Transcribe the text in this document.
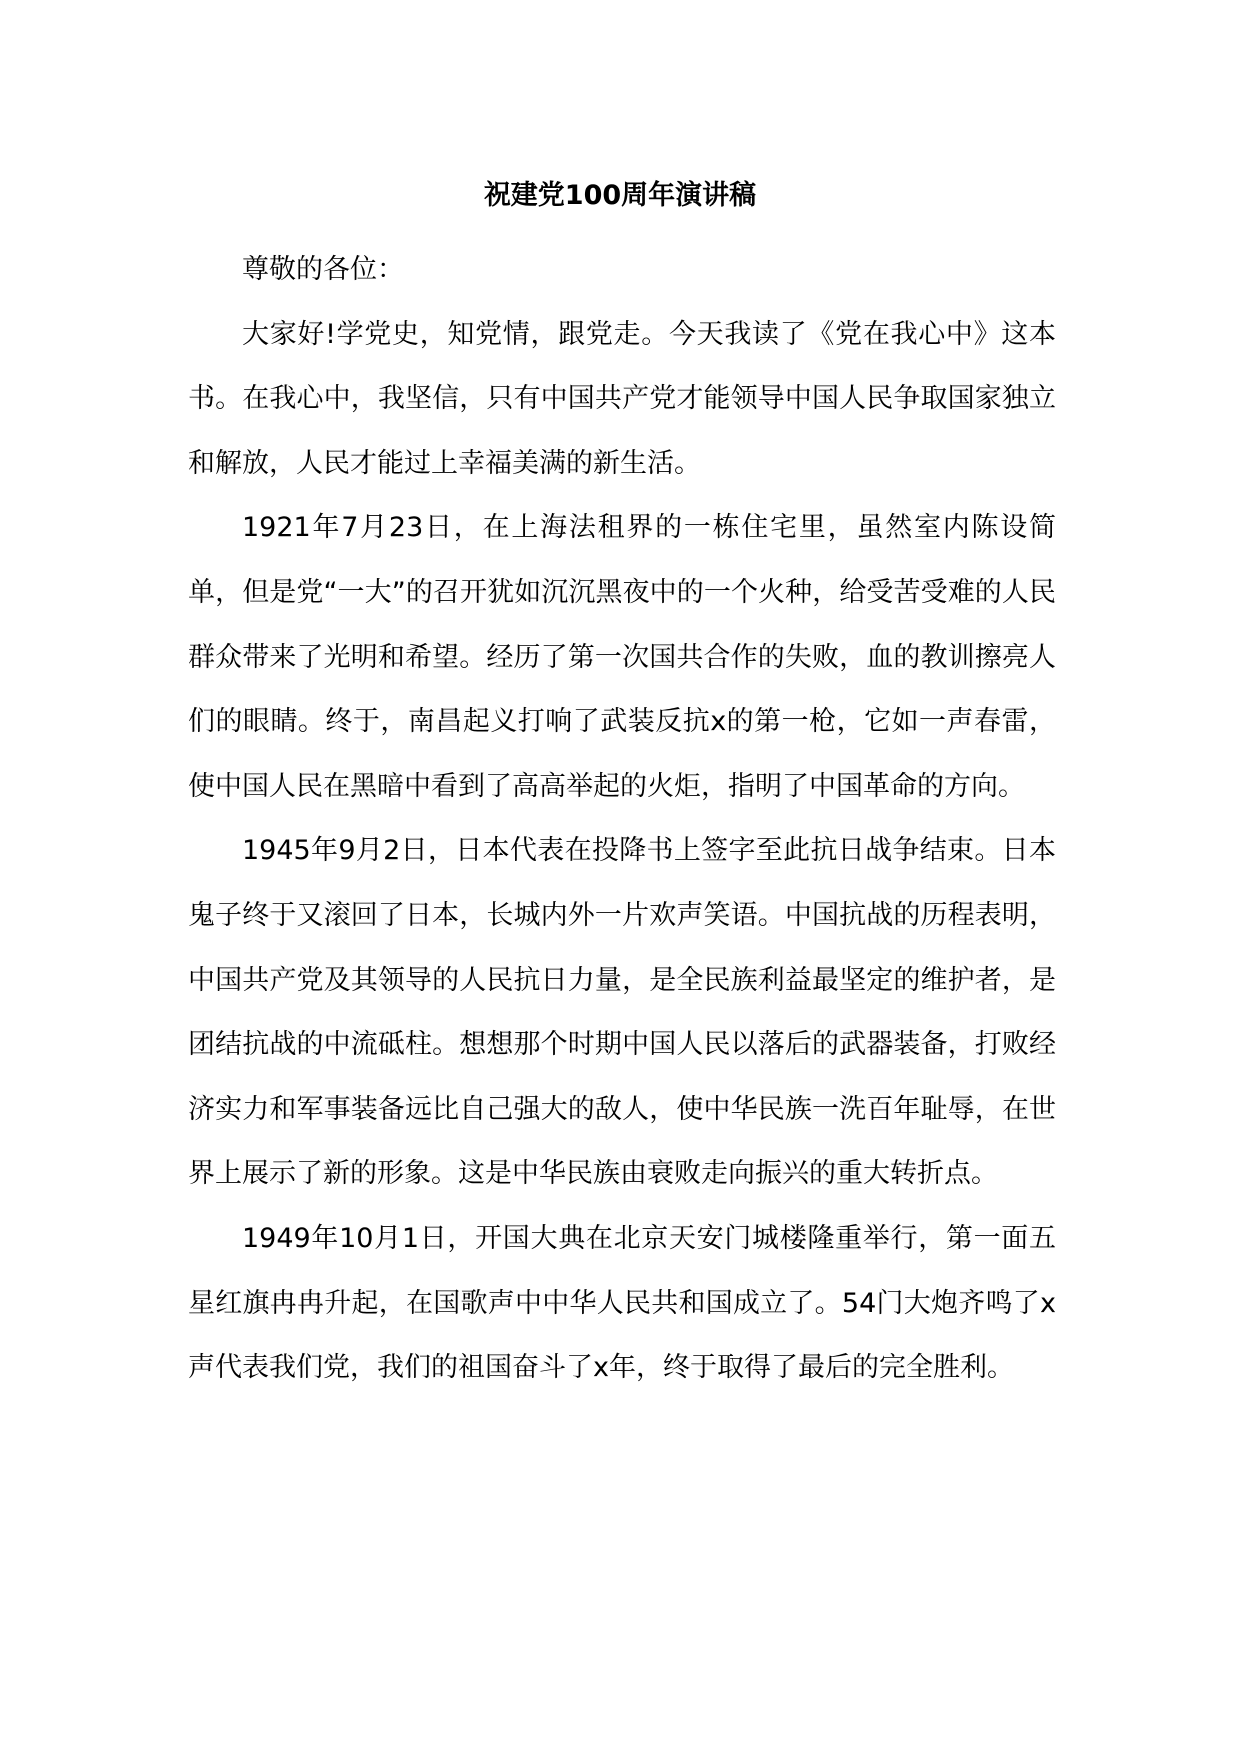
祝建党100周年演讲稿

尊敬的各位：

大家好!学党史，知党情，跟党走。今天我读了《党在我心中》这本书。在我心中，我坚信，只有中国共产党才能领导中国人民争取国家独立和解放，人民才能过上幸福美满的新生活。

1921年7月23日，在上海法租界的一栋住宅里，虽然室内陈设简单，但是党“一大”的召开犹如沉沉黑夜中的一个火种，给受苦受难的人民群众带来了光明和希望。经历了第一次国共合作的失败，血的教训擦亮人们的眼睛。终于，南昌起义打响了武装反抗x的第一枪，它如一声春雷，使中国人民在黑暗中看到了高高举起的火炬，指明了中国革命的方向。

1945年9月2日，日本代表在投降书上签字至此抗日战争结束。日本鬼子终于又滚回了日本，长城内外一片欢声笑语。中国抗战的历程表明，中国共产党及其领导的人民抗日力量，是全民族利益最坚定的维护者，是团结抗战的中流砥柱。想想那个时期中国人民以落后的武器装备，打败经济实力和军事装备远比自己强大的敌人，使中华民族一洗百年耻辱，在世界上展示了新的形象。这是中华民族由衰败走向振兴的重大转折点。

1949年10月1日，开国大典在北京天安门城楼隆重举行，第一面五星红旗冉冉升起，在国歌声中中华人民共和国成立了。54门大炮齐鸣了x声代表我们党，我们的祖国奋斗了x年，终于取得了最后的完全胜利。
